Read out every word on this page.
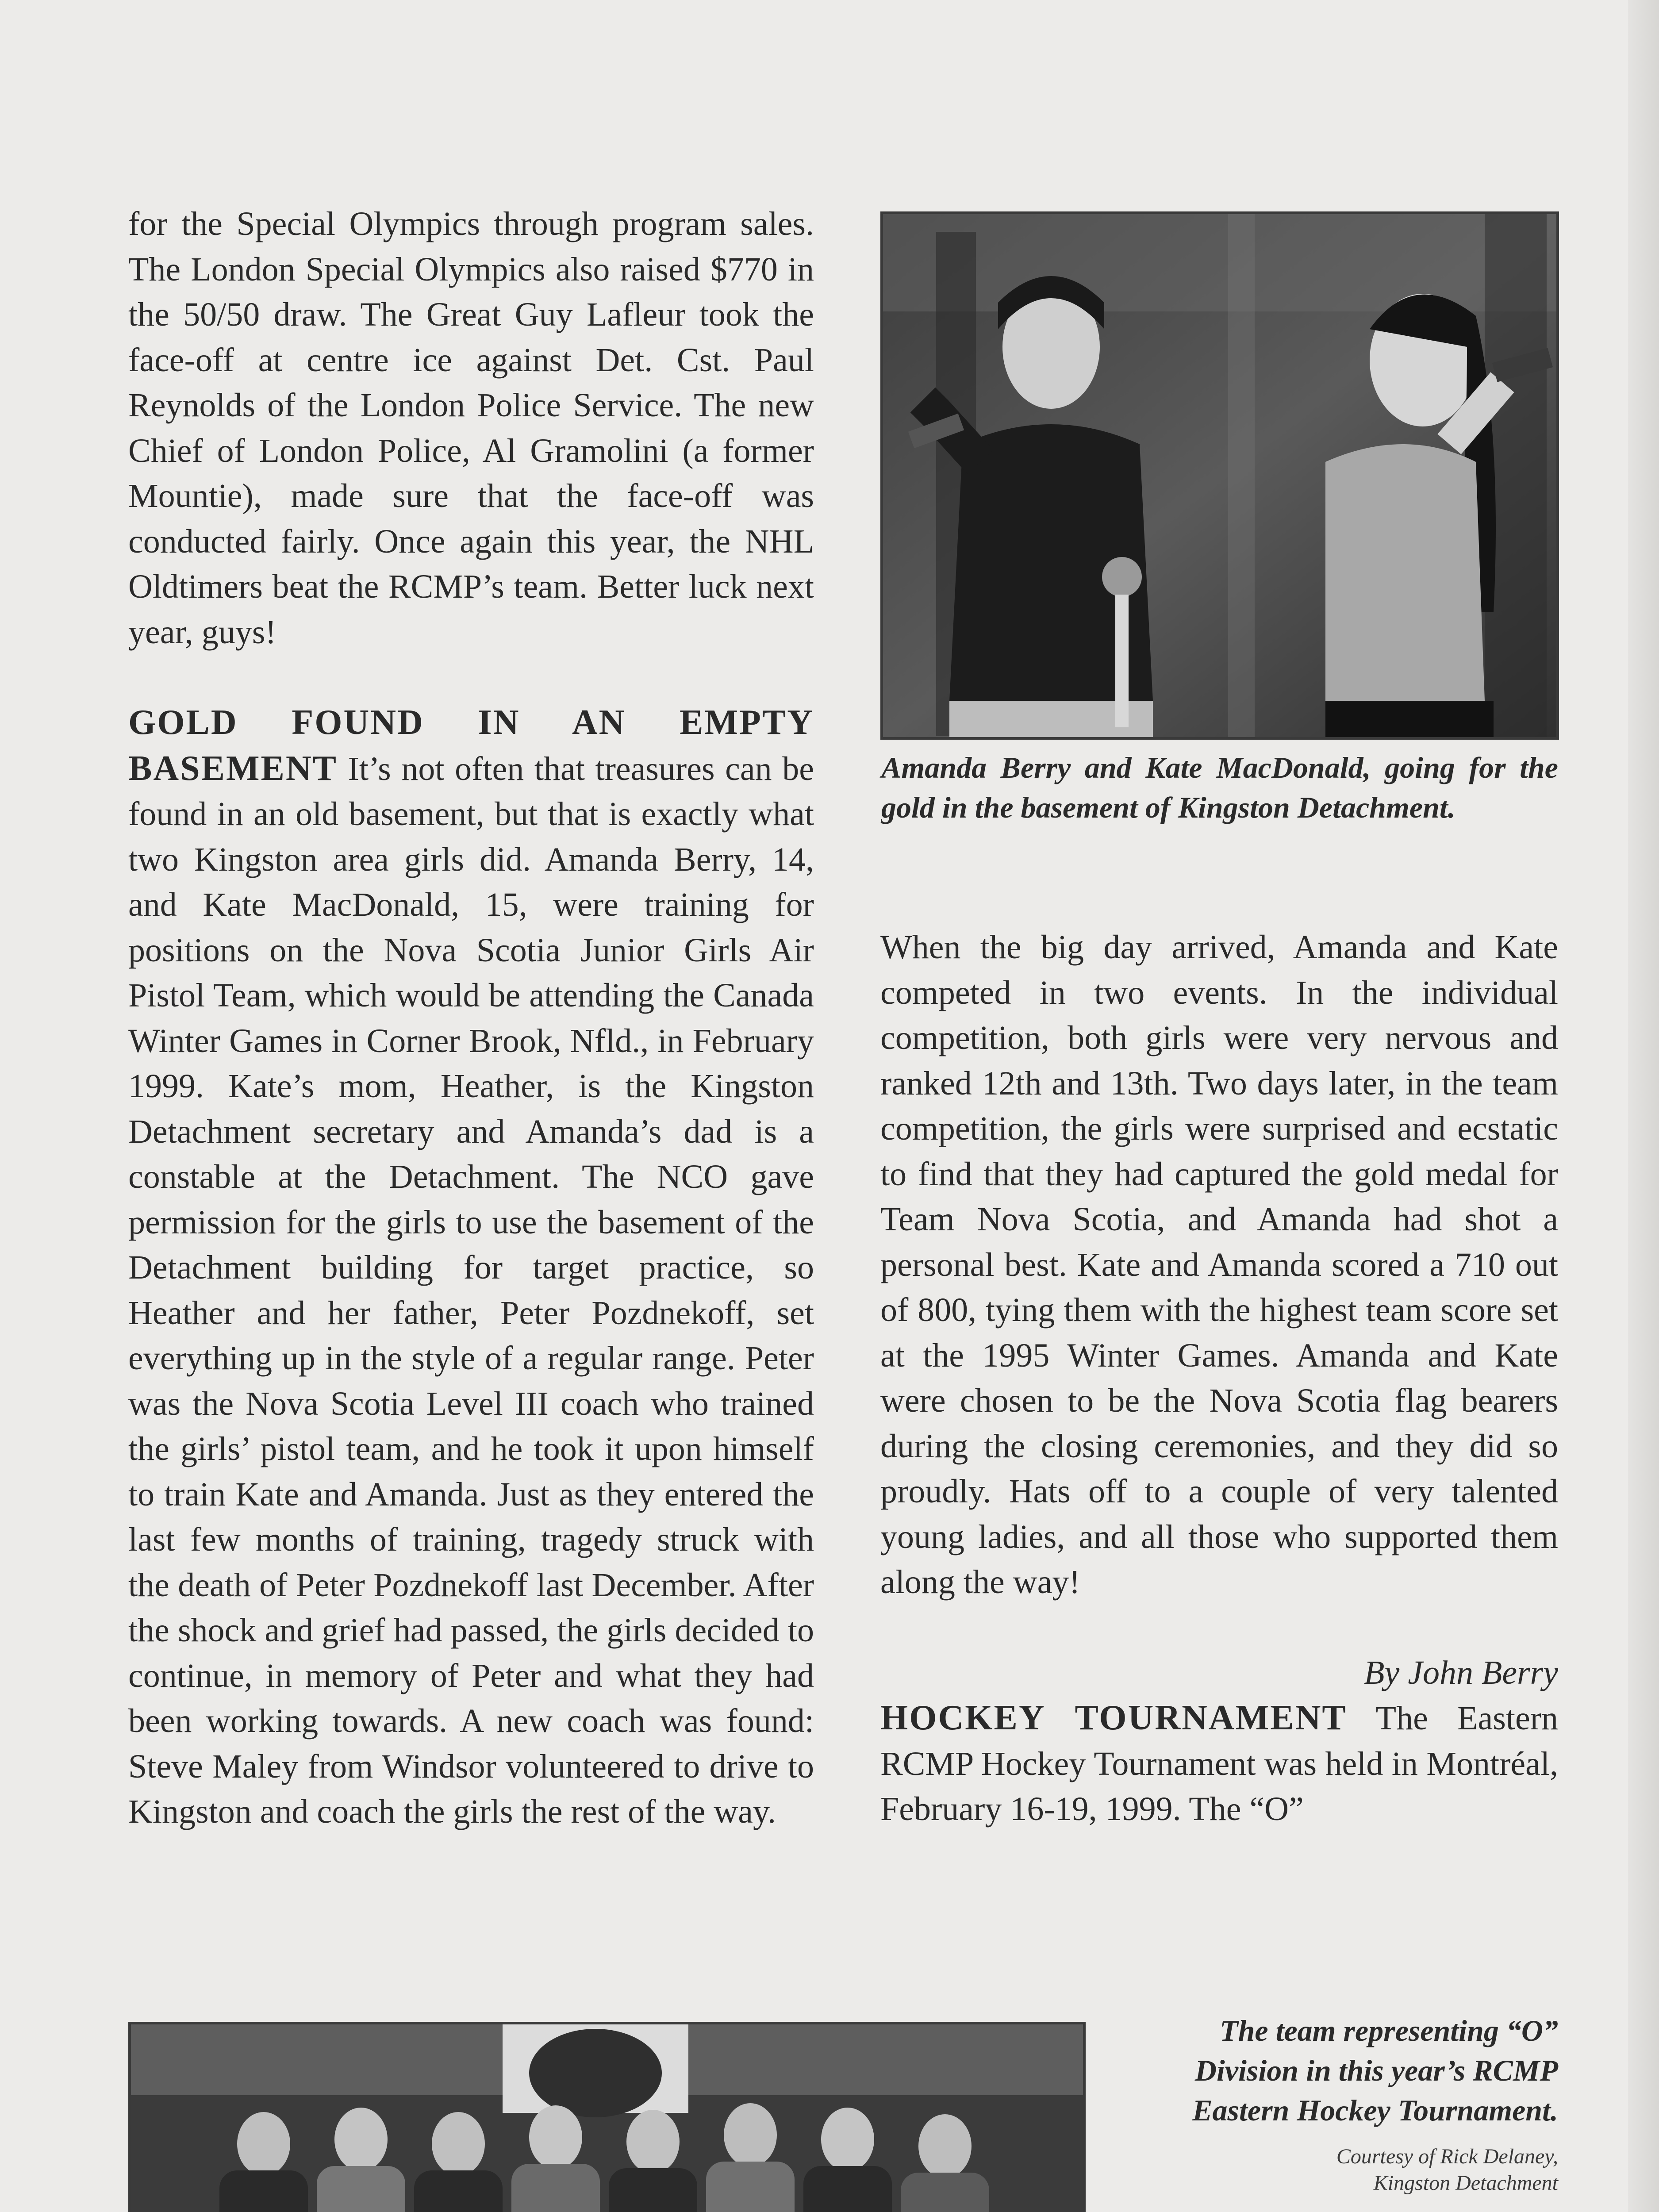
for the Special Olympics through program sales. The London Special Olympics also raised $770 in the 50/50 draw. The Great Guy Lafleur took the face-off at centre ice against Det. Cst. Paul Reynolds of the London Police Service. The new Chief of London Police, Al Gramolini (a former Mountie), made sure that the face-off was conducted fairly. Once again this year, the NHL Oldtimers beat the RCMP’s team. Better luck next year, guys!

GOLD FOUND IN AN EMPTY BASEMENT It’s not often that treasures can be found in an old basement, but that is exactly what two Kingston area girls did. Amanda Berry, 14, and Kate MacDonald, 15, were training for positions on the Nova Scotia Junior Girls Air Pistol Team, which would be attending the Canada Winter Games in Corner Brook, Nfld., in February 1999. Kate’s mom, Heather, is the Kingston Detachment secretary and Amanda’s dad is a constable at the Detachment. The NCO gave permission for the girls to use the basement of the Detachment building for target practice, so Heather and her father, Peter Pozdnekoff, set everything up in the style of a regular range. Peter was the Nova Scotia Level III coach who trained the girls’ pistol team, and he took it upon himself to train Kate and Amanda. Just as they entered the last few months of training, tragedy struck with the death of Peter Pozdnekoff last December. After the shock and grief had passed, the girls decided to continue, in memory of Peter and what they had been working towards. A new coach was found: Steve Maley from Windsor volunteered to drive to Kingston and coach the girls the rest of the way.

Amanda Berry and Kate MacDonald, going for the gold in the basement of Kingston Detachment.

When the big day arrived, Amanda and Kate competed in two events. In the individual competition, both girls were very nervous and ranked 12th and 13th. Two days later, in the team competition, the girls were surprised and ecstatic to find that they had captured the gold medal for Team Nova Scotia, and Amanda had shot a personal best. Kate and Amanda scored a 710 out of 800, tying them with the highest team score set at the 1995 Winter Games. Amanda and Kate were chosen to be the Nova Scotia flag bearers during the closing ceremonies, and they did so proudly. Hats off to a couple of very talented young ladies, and all those who supported them along the way!

By John Berry

HOCKEY TOURNAMENT The Eastern RCMP Hockey Tournament was held in Montréal, February 16-19, 1999. The “O”

The team representing “O”
Division in this year’s RCMP
Eastern Hockey Tournament.
Courtesy of Rick Delaney,
Kingston Detachment
